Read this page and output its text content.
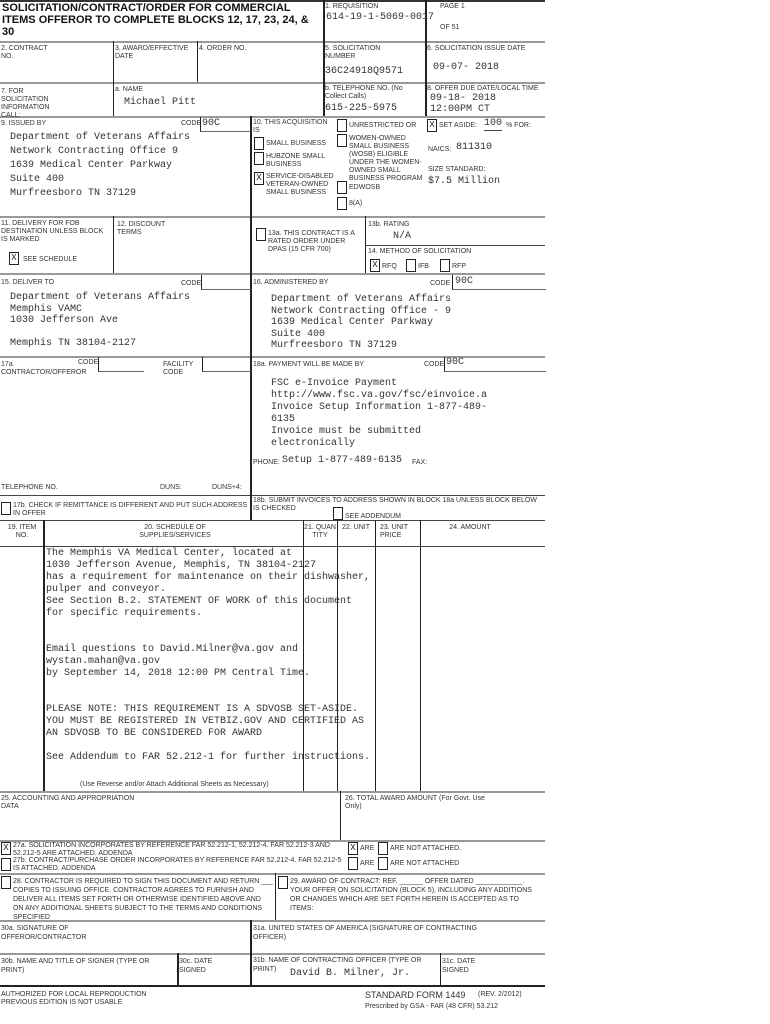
SOLICITATION/CONTRACT/ORDER FOR COMMERCIAL ITEMS OFFEROR TO COMPLETE BLOCKS 12, 17, 23, 24, & 30
1. REQUISITION
614-19-1-5069-0017
PAGE 1
OF 51
2. CONTRACT NO.
3. AWARD/EFFECTIVE DATE
4. ORDER NO.	5. SOLICITATION NUMBER
36C24918Q9571
6. SOLICITATION ISSUE DATE
09-07- 2018
7. FOR SOLICITATION INFORMATION CALL:
a. NAME
Michael Pitt
b. TELEPHONE NO. (No Collect Calls)
615-225-5975
8. OFFER DUE DATE/LOCAL TIME
09-18- 2018
12:00PM CT
9. ISSUED BY	CODE 90C
Department of Veterans Affairs
Network Contracting Office 9
1639 Medical Center Parkway
Suite 400
Murfreesboro TN 37129
10. THIS ACQUISITION IS
SMALL BUSINESS
HUBZONE SMALL BUSINESS
X SERVICE-DISABLED VETERAN-OWNED SMALL BUSINESS
UNRESTRICTED OR
WOMEN-OWNED SMALL BUSINESS (WOSB) ELIGIBLE UNDER THE WOMEN-OWNED SMALL BUSINESS PROGRAM
EDWOSB
8(A)
X SET ASIDE: 100 % FOR:
NAICS: 811310
SIZE STANDARD:
$7.5 Million
11. DELIVERY FOR FOB DESTINATION UNLESS BLOCK IS MARKED
X SEE SCHEDULE
12. DISCOUNT TERMS	13a. THIS CONTRACT IS A RATED ORDER UNDER DPAS (15 CFR 700)
13b. RATING
N/A
14. METHOD OF SOLICITATION
X RFQ	IFB	RFP
15. DELIVER TO	CODE
Department of Veterans Affairs
Memphis VAMC
1030 Jefferson Ave

Memphis TN 38104-2127
16. ADMINISTERED BY	CODE 90C
Department of Veterans Affairs
Network Contracting Office - 9
1639 Medical Center Parkway
Suite 400
Murfreesboro TN 37129
17a. CONTRACTOR/OFFEROR
CODE	FACILITY CODE
TELEPHONE NO.	DUNS:	DUNS+4:
18a. PAYMENT WILL BE MADE BY	CODE 90C
FSC e-Invoice Payment
http://www.fsc.va.gov/fsc/einvoice.a
Invoice Setup Information 1-877-489-
6135
Invoice must be submitted
electronically
PHONE: Setup 1-877-489-6135 FAX:
17b. CHECK IF REMITTANCE IS DIFFERENT AND PUT SUCH ADDRESS IN OFFER
18b. SUBMIT INVOICES TO ADDRESS SHOWN IN BLOCK 18a UNLESS BLOCK BELOW IS CHECKED
SEE ADDENDUM
19. ITEM NO.
20. SCHEDULE OF SUPPLIES/SERVICES
21. QUANTITY
22. UNIT	23. UNIT PRICE
24. AMOUNT
The Memphis VA Medical Center, located at
1030 Jefferson Avenue, Memphis, TN 38104-2127
has a requirement for maintenance on their dishwasher,
pulper and conveyor.
See Section B.2. STATEMENT OF WORK of this document
for specific requirements.

Email questions to David.Milner@va.gov and
wystan.mahan@va.gov
by September 14, 2018 12:00 PM Central Time.

PLEASE NOTE: THIS REQUIREMENT IS A SDVOSB SET-ASIDE.
YOU MUST BE REGISTERED IN VETBIZ.GOV AND CERTIFIED AS
AN SDVOSB TO BE CONSIDERED FOR AWARD

See Addendum to FAR 52.212-1 for further instructions.
(Use Reverse and/or Attach Additional Sheets as Necessary)
25. ACCOUNTING AND APPROPRIATION DATA
26. TOTAL AWARD AMOUNT (For Govt. Use Only)
X 27a. SOLICITATION INCORPORATES BY REFERENCE FAR 52.212-1, 52.212-4. FAR 52.212-3 AND 52.212-5 ARE ATTACHED. ADDENDA
X ARE ARE NOT ATTACHED.
27b. CONTRACT/PURCHASE ORDER INCORPORATES BY REFERENCE FAR 52.212-4. FAR 52.212-5 IS ATTACHED. ADDENDA
ARE ARE NOT ATTACHED
28. CONTRACTOR IS REQUIRED TO SIGN THIS DOCUMENT AND RETURN ___ COPIES TO ISSUING OFFICE. CONTRACTOR AGREES TO FURNISH AND DELIVER ALL ITEMS SET FORTH OR OTHERWISE IDENTIFIED ABOVE AND ON ANY ADDITIONAL SHEETS SUBJECT TO THE TERMS AND CONDITIONS SPECIFIED
29. AWARD OF CONTRACT: REF. ______ OFFER DATED ____________. YOUR OFFER ON SOLICITATION (BLOCK 5), INCLUDING ANY ADDITIONS OR CHANGES WHICH ARE SET FORTH HEREIN IS ACCEPTED AS TO ITEMS:
30a. SIGNATURE OF OFFEROR/CONTRACTOR
31a. UNITED STATES OF AMERICA (SIGNATURE OF CONTRACTING OFFICER)
30b. NAME AND TITLE OF SIGNER (TYPE OR PRINT)
30c. DATE SIGNED
31b. NAME OF CONTRACTING OFFICER (TYPE OR PRINT)	David B. Milner, Jr.
31c. DATE SIGNED
AUTHORIZED FOR LOCAL REPRODUCTION
PREVIOUS EDITION IS NOT USABLE
STANDARD FORM 1449	(REV. 2/2012)
Prescribed by GSA - FAR (48 CFR) 53.212
